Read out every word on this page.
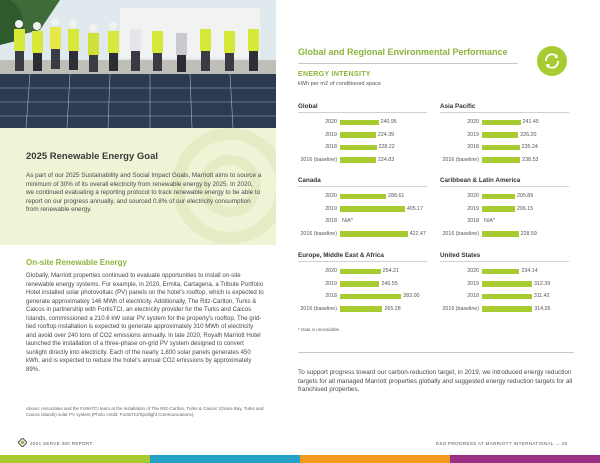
2025 Renewable Energy Goal
As part of our 2025 Sustainability and Social Impact Goals, Marriott aims to source a minimum of 30% of its overall electricity from renewable energy by 2025. In 2020, we continued evaluating a reporting protocol to track renewable energy to be able to report on our progress annually, and sourced 0.8% of our electricity consumption from renewable energy.
On-site Renewable Energy
Globally, Marriott properties continued to evaluate opportunities to install on-site renewable energy systems. For example, in 2020, Ermita, Cartagena, a Tribute Portfolio Hotel installed solar photovoltaic (PV) panels on the hotel's rooftop, which is expected to generate approximately 146 MWh of electricity. Additionally, The Ritz-Carlton, Turks & Caicos in partnership with FortisTCI, an electricity provider for the Turks and Caicos Islands, commissioned a 210.6 kW solar PV system for the property's rooftop. The grid-tied rooftop installation is expected to generate approximately 310 MWh of electricity and avoid over 240 tons of CO2 emissions annually. In late 2020, Royalh Marriott Hotel launched the installation of a three-phase on-grid PV system designed to convert sunlight directly into electricity. Each of the nearly 1,800 solar panels generates 450 kWh, and is expected to reduce the hotel's annual CO2 emissions by approximately 89%.
Above: Associates and the FortisTCI team at the installation of The Ritz-Carlton, Turks & Caicos' (Grace Bay, Turks and Caicos Islands) solar PV system (Photo credit: FortisTCI/Spotlight Communications).
Global and Regional Environmental Performance
ENERGY INTENSITY
kWh per m2 of conditioned space
Global
2020	240.95
2019	224.39
2018	228.22
2016 (baseline)	224.83
Asia Pacific
2020	241.45
2019	226.20
2018	235.24
2016 (baseline)	238.53
Canada
2020	288.61
2019	405.17
2018 N/A*
2016 (baseline)	422.47
Caribbean & Latin America
2020	205.89
2019	206.15
2018 N/A*
2016 (baseline)	228.59
Europe, Middle East & Africa
2020	254.21
2019	246.55
2018	383.00
2016 (baseline)	265.28
United States
2020	234.14
2019	312.39
2018	311.42
2016 (baseline)	314.26
* Data is unavailable.
To support progress toward our carbon-reduction target, in 2019, we introduced energy reduction targets for all managed Marriott properties globally and suggested energy reduction targets for all franchised properties.
2021 SERVE 360 REPORT	ESG PROGRESS AT MARRIOTT INTERNATIONAL → 28
